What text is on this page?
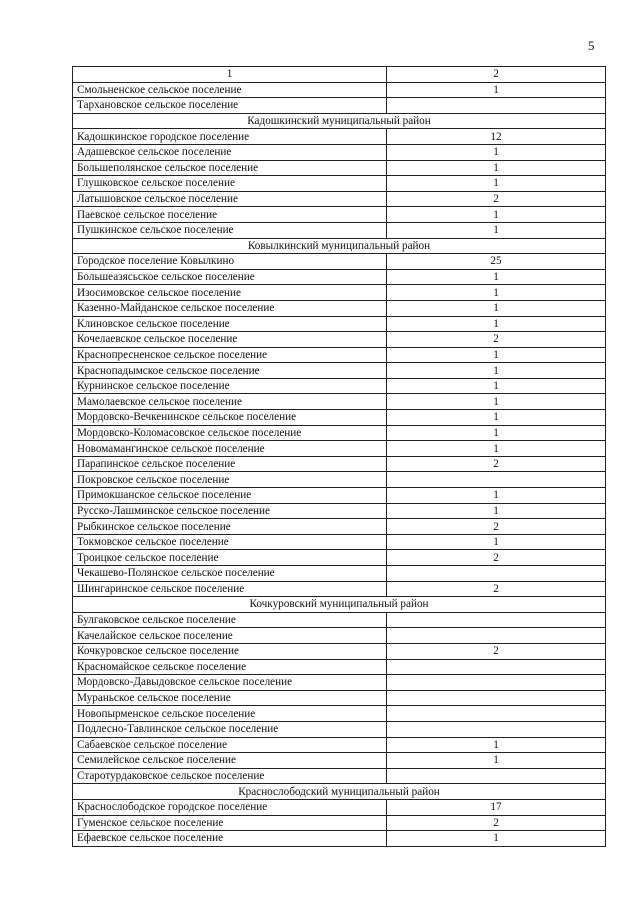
5
1	2
Смольненское сельское поселение	1
Тархановское сельское поселение	
Кадошкинский муниципальный район	
Кадошкинское городское поселение	12
Адашевское сельское поселение	1
Большеполянское сельское поселение	1
Глушковское сельское поселение	1
Латышовское сельское поселение	2
Паевское сельское поселение	1
Пушкинское сельское поселение	1
Ковылкинский муниципальный район	
Городское поселение Ковылкино	25
Большеазясьское сельское поселение	1
Изосимовское сельское поселение	1
Казенно-Майданское сельское поселение	1
Клиновское сельское поселение	1
Кочелаевское сельское поселение	2
Краснопресненское сельское поселение	1
Краснопадымское сельское поселение	1
Курнинское сельское поселение	1
Мамолаевское сельское поселение	1
Мордовско-Вечкенинское сельское поселение	1
Мордовско-Коломасовское сельское поселение	1
Новомамангинское сельское поселение	1
Парапинское сельское поселение	2
Покровское сельское поселение	
Примокшанское сельское поселение	1
Русско-Лашминское сельское поселение	1
Рыбкинское сельское поселение	2
Токмовское сельское поселение	1
Троицкое сельское поселение	2
Чекашево-Полянское сельское поселение	
Шингаринское сельское поселение	2
Кочкуровский муниципальный район	
Булгаковское сельское поселение	
Качелайское сельское поселение	
Кочкуровское сельское поселение	2
Красномайское сельское поселение	
Мордовско-Давыдовское сельское поселение	
Мураньское сельское поселение	
Новопырменское сельское поселение	
Подлесно-Тавлинское сельское поселение	
Сабаевское сельское поселение	1
Семилейское сельское поселение	1
Старотурдаковское сельское поселение	
Краснослободский муниципальный район	
Краснослободское городское поселение	17
Гуменское сельское поселение	2
Ефаевское сельское поселение	1
